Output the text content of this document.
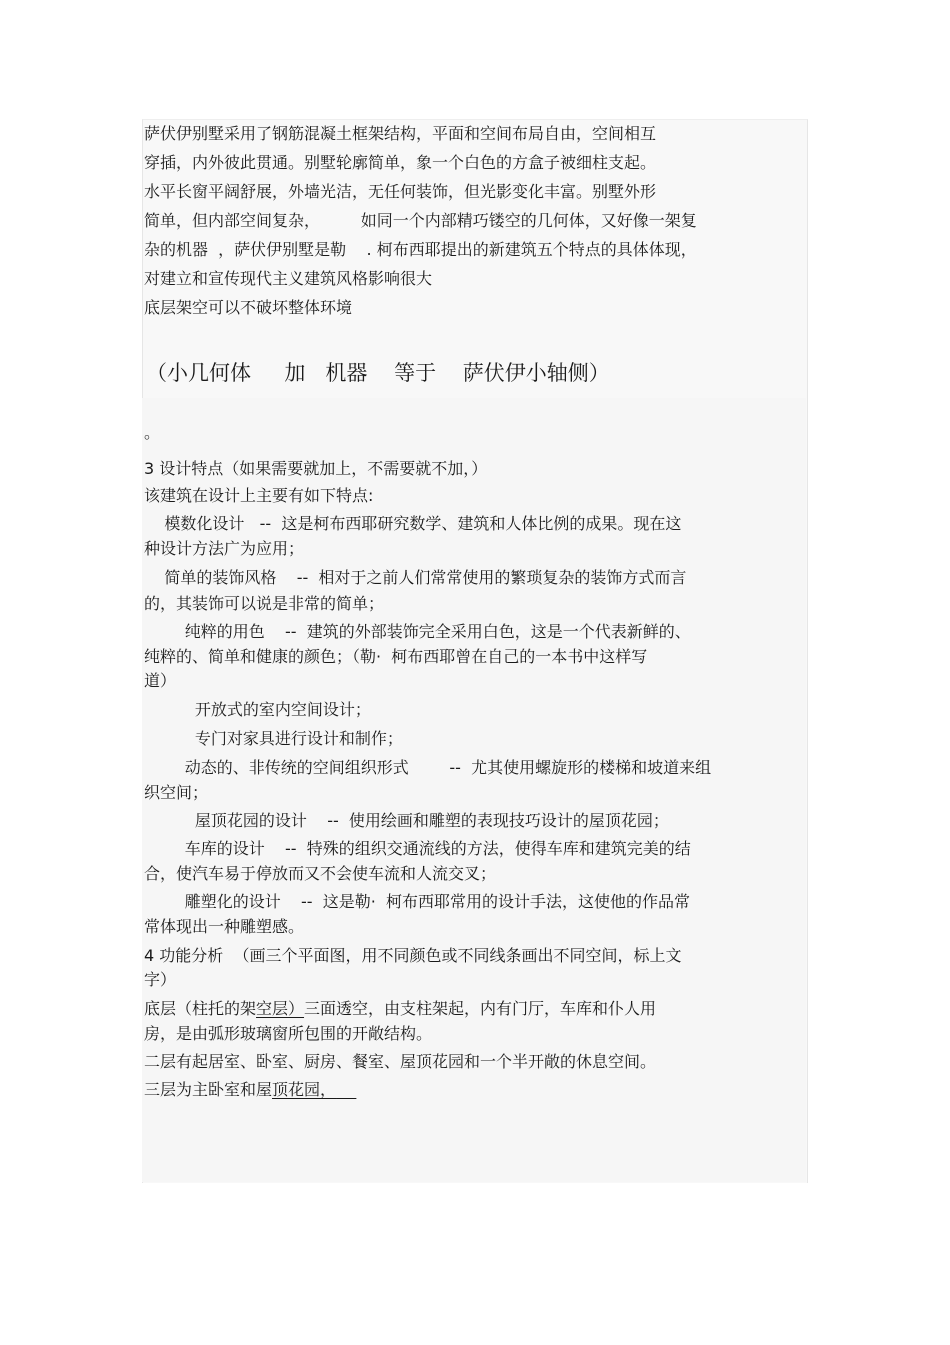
萨伏伊别墅采用了钢筋混凝土框架结构，平面和空间布局自由，空间相互
穿插，内外彼此贯通。别墅轮廓简单，象一个白色的方盒子被细柱支起。
水平长窗平阔舒展，外墙光洁，无任何装饰，但光影变化丰富。别墅外形
简单，但内部空间复杂，        如同一个内部精巧镂空的几何体，又好像一架复
杂的机器  ，萨伏伊别墅是勒    . 柯布西耶提出的新建筑五个特点的具体体现，
对建立和宣传现代主义建筑风格影响很大
底层架空可以不破坏整体环境
（小几何体     加   机器    等于    萨伏伊小轴侧）
。
3 设计特点（如果需要就加上，不需要就不加，）
该建筑在设计上主要有如下特点:
模数化设计   --  这是柯布西耶研究数学、建筑和人体比例的成果。现在这
种设计方法广为应用；
简单的装饰风格    --  相对于之前人们常常使用的繁琐复杂的装饰方式而言
的，其装饰可以说是非常的简单；
纯粹的用色    --  建筑的外部装饰完全采用白色，这是一个代表新鲜的、
纯粹的、简单和健康的颜色；（勒·  柯布西耶曾在自己的一本书中这样写
道）
开放式的室内空间设计；
专门对家具进行设计和制作；
动态的、非传统的空间组织形式        --  尤其使用螺旋形的楼梯和坡道来组
织空间；
屋顶花园的设计    --  使用绘画和雕塑的表现技巧设计的屋顶花园；
车库的设计    --  特殊的组织交通流线的方法，使得车库和建筑完美的结
合，使汽车易于停放而又不会使车流和人流交叉；
雕塑化的设计    --  这是勒·  柯布西耶常用的设计手法，这使他的作品常
常体现出一种雕塑感。
4 功能分析  （画三个平面图，用不同颜色或不同线条画出不同空间，标上文
字）
底层（柱托的架空层）三面透空，由支柱架起，内有门厅，车库和仆人用
房，是由弧形玻璃窗所包围的开敞结构。
二层有起居室、卧室、厨房、餐室、屋顶花园和一个半开敞的休息空间。
三层为主卧室和屋顶花园，
